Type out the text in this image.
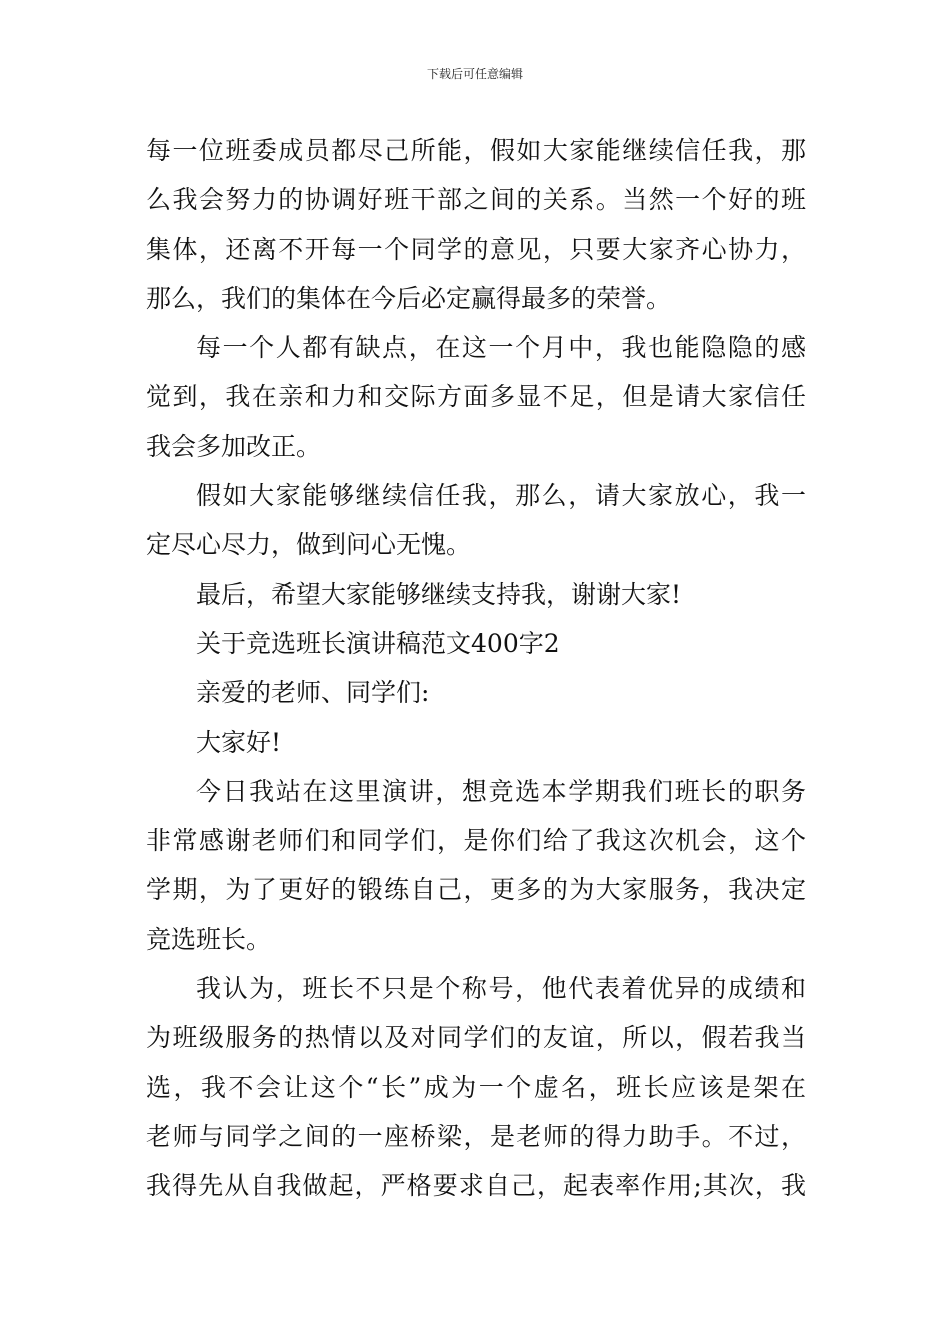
下载后可任意编辑
每一位班委成员都尽己所能，假如大家能继续信任我，那
么我会努力的协调好班干部之间的关系。当然一个好的班
集体，还离不开每一个同学的意见，只要大家齐心协力，
那么，我们的集体在今后必定赢得最多的荣誉。
每一个人都有缺点，在这一个月中，我也能隐隐的感
觉到，我在亲和力和交际方面多显不足，但是请大家信任
我会多加改正。
假如大家能够继续信任我，那么，请大家放心，我一
定尽心尽力，做到问心无愧。
最后，希望大家能够继续支持我，谢谢大家!
关于竞选班长演讲稿范文400字2
亲爱的老师、同学们:
大家好!
今日我站在这里演讲，想竞选本学期我们班长的职务
非常感谢老师们和同学们，是你们给了我这次机会，这个
学期，为了更好的锻练自己，更多的为大家服务，我决定
竞选班长。
我认为，班长不只是个称号，他代表着优异的成绩和
为班级服务的热情以及对同学们的友谊，所以，假若我当
选，我不会让这个“长”成为一个虚名，班长应该是架在
老师与同学之间的一座桥梁，是老师的得力助手。不过，
我得先从自我做起，严格要求自己，起表率作用;其次，我
